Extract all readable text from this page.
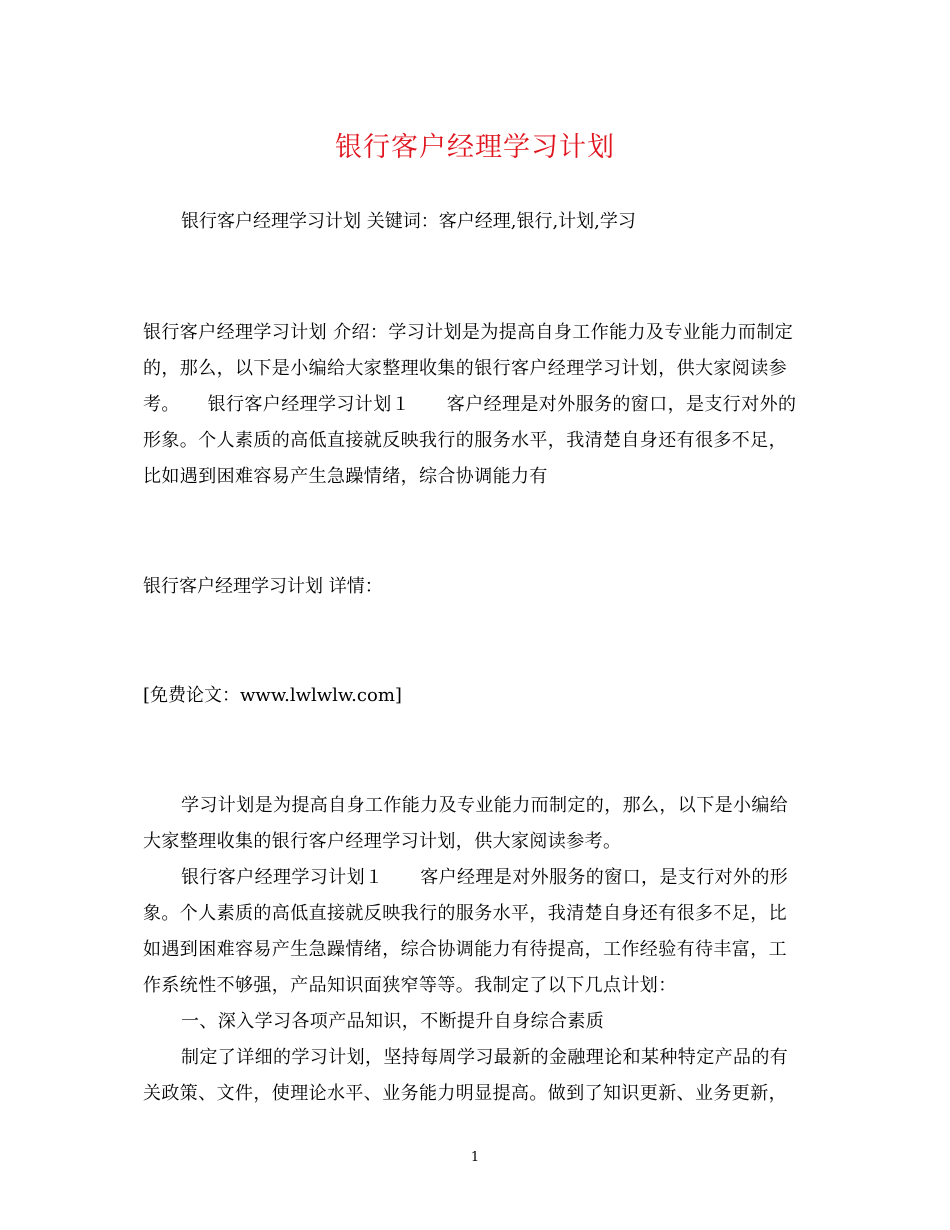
银行客户经理学习计划
银行客户经理学习计划 关键词：客户经理,银行,计划,学习
银行客户经理学习计划 介绍：学习计划是为提高自身工作能力及专业能力而制定
的，那么，以下是小编给大家整理收集的银行客户经理学习计划，供大家阅读参
考。　　银行客户经理学习计划１　　客户经理是对外服务的窗口，是支行对外的
形象。个人素质的高低直接就反映我行的服务水平，我清楚自身还有很多不足，
比如遇到困难容易产生急躁情绪，综合协调能力有
银行客户经理学习计划 详情：
[免费论文：www.lwlwlw.com]
学习计划是为提高自身工作能力及专业能力而制定的，那么，以下是小编给
大家整理收集的银行客户经理学习计划，供大家阅读参考。
银行客户经理学习计划１　　客户经理是对外服务的窗口，是支行对外的形
象。个人素质的高低直接就反映我行的服务水平，我清楚自身还有很多不足，比
如遇到困难容易产生急躁情绪，综合协调能力有待提高，工作经验有待丰富，工
作系统性不够强，产品知识面狭窄等等。我制定了以下几点计划：
一、深入学习各项产品知识，不断提升自身综合素质
制定了详细的学习计划，坚持每周学习最新的金融理论和某种特定产品的有
关政策、文件，使理论水平、业务能力明显提高。做到了知识更新、业务更新，
1
